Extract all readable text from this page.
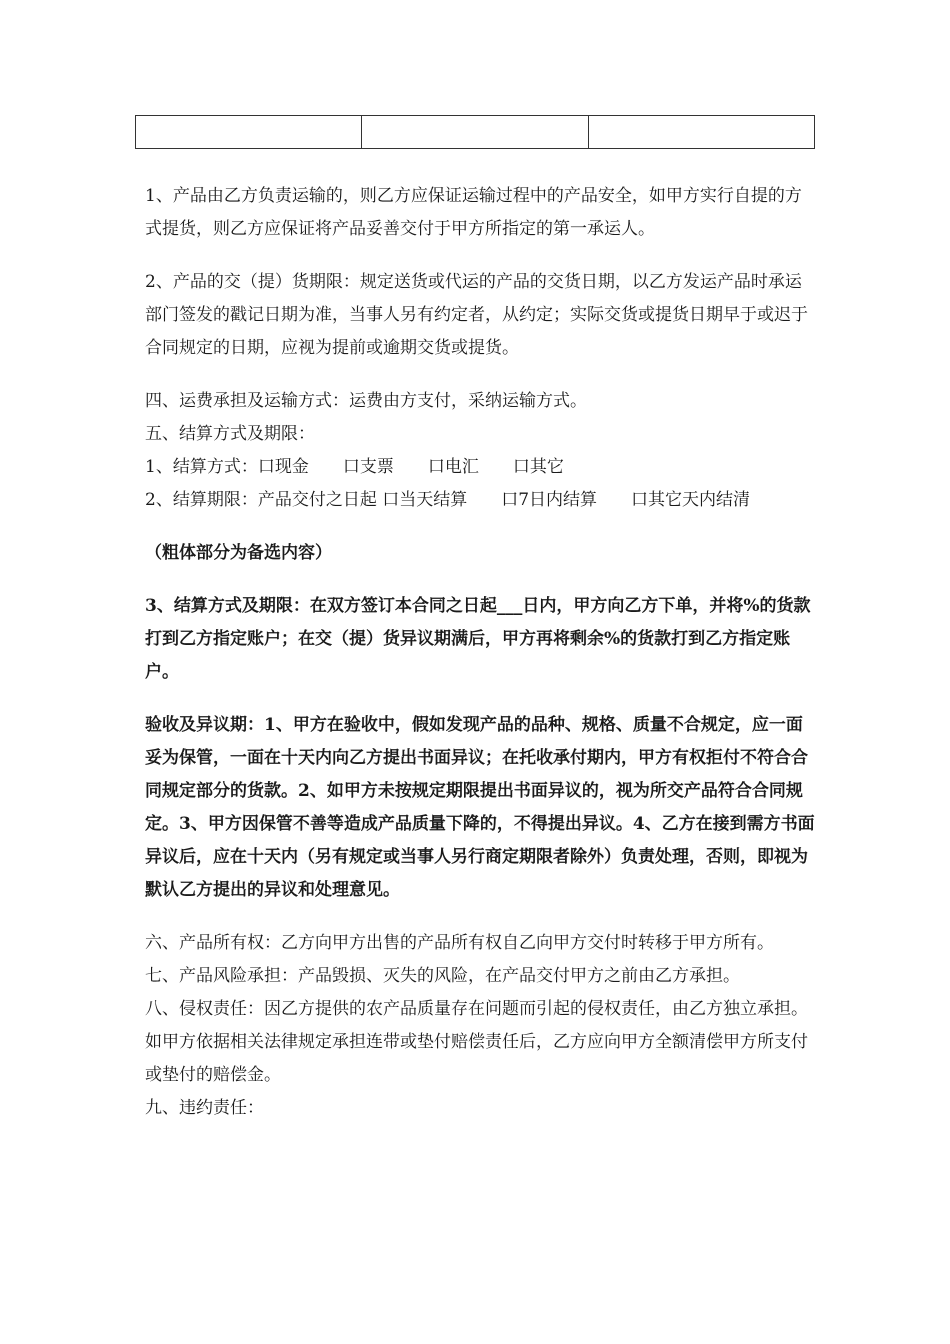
1、产品由乙方负责运输的，则乙方应保证运输过程中的产品安全，如甲方实行自提的方式提货，则乙方应保证将产品妥善交付于甲方所指定的第一承运人。

2、产品的交（提）货期限：规定送货或代运的产品的交货日期，以乙方发运产品时承运部门签发的戳记日期为准，当事人另有约定者，从约定；实际交货或提货日期早于或迟于合同规定的日期，应视为提前或逾期交货或提货。

四、运费承担及运输方式：运费由方支付，采纳运输方式。

五、结算方式及期限：

1、结算方式：口现金　　口支票　　口电汇　　口其它

2、结算期限：产品交付之日起 口当天结算　　口7日内结算　　口其它天内结清

（粗体部分为备选内容）

3、结算方式及期限：在双方签订本合同之日起___日内，甲方向乙方下单，并将%的货款打到乙方指定账户；在交（提）货异议期满后，甲方再将剩余%的货款打到乙方指定账户。

验收及异议期：1、甲方在验收中，假如发现产品的品种、规格、质量不合规定，应一面妥为保管，一面在十天内向乙方提出书面异议；在托收承付期内，甲方有权拒付不符合合同规定部分的货款。2、如甲方未按规定期限提出书面异议的，视为所交产品符合合同规定。3、甲方因保管不善等造成产品质量下降的，不得提出异议。4、乙方在接到需方书面异议后，应在十天内（另有规定或当事人另行商定期限者除外）负责处理，否则，即视为默认乙方提出的异议和处理意见。

六、产品所有权：乙方向甲方出售的产品所有权自乙向甲方交付时转移于甲方所有。

七、产品风险承担：产品毁损、灭失的风险，在产品交付甲方之前由乙方承担。

八、侵权责任：因乙方提供的农产品质量存在问题而引起的侵权责任，由乙方独立承担。如甲方依据相关法律规定承担连带或垫付赔偿责任后，乙方应向甲方全额清偿甲方所支付或垫付的赔偿金。

九、违约责任：
